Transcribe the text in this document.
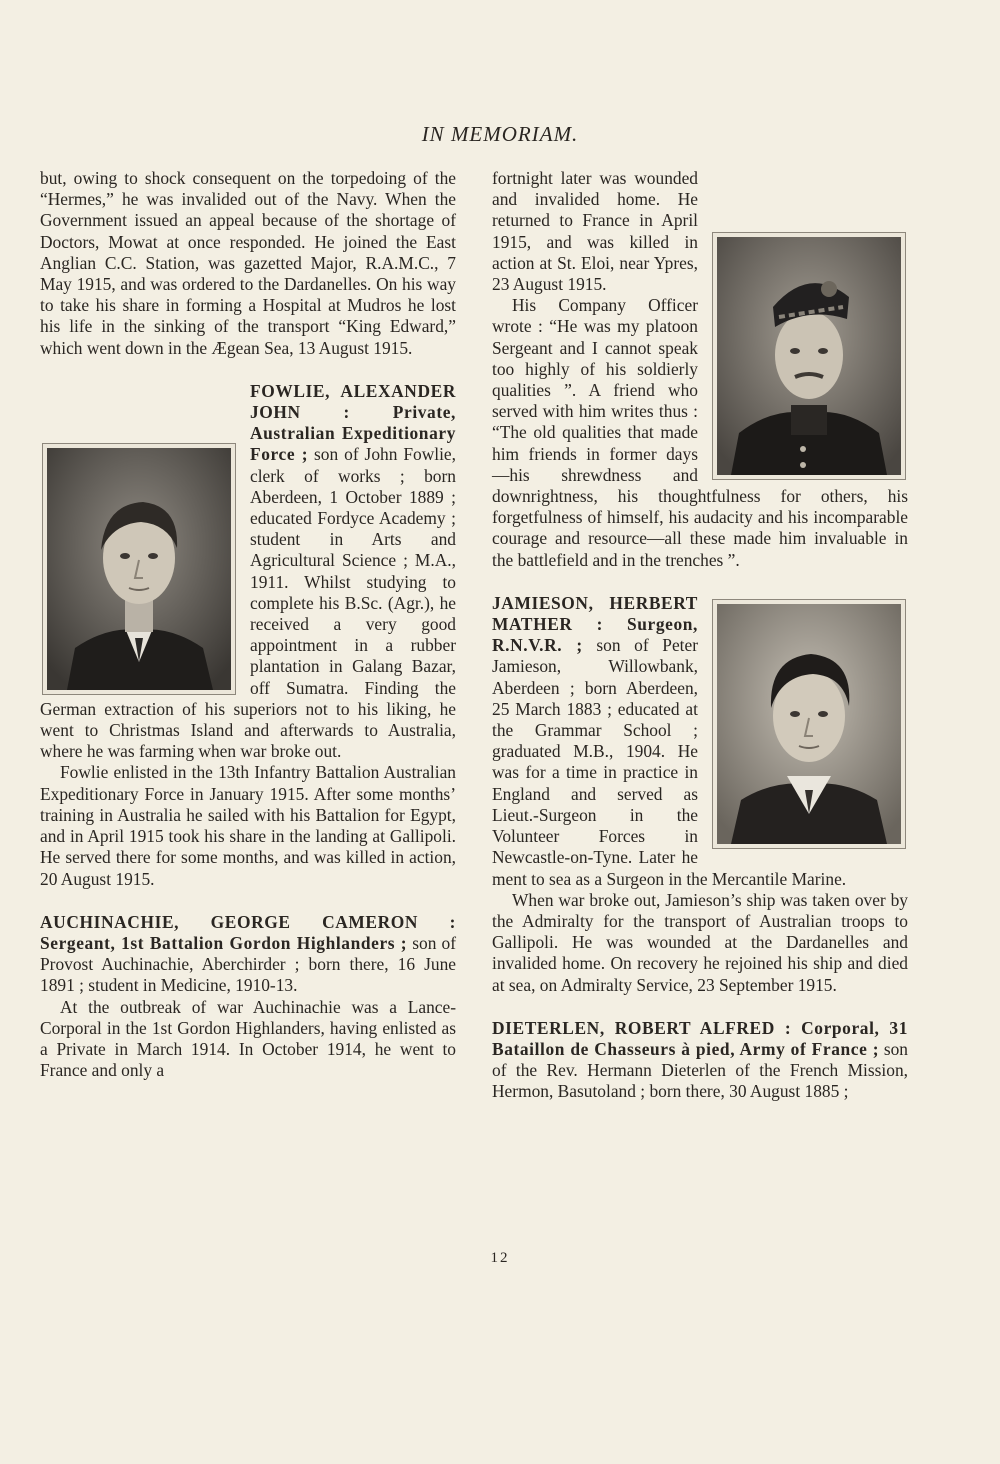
IN MEMORIAM.

but, owing to shock consequent on the torpedoing of the “Hermes,” he was invalided out of the Navy. When the Government issued an appeal because of the shortage of Doctors, Mowat at once responded. He joined the East Anglian C.C. Station, was gazetted Major, R.A.M.C., 7 May 1915, and was ordered to the Dardanelles. On his way to take his share in forming a Hospital at Mudros he lost his life in the sinking of the transport “King Edward,” which went down in the Ægean Sea, 13 August 1915.

FOWLIE, ALEXANDER JOHN : Private, Australian Expeditionary Force ; son of John Fowlie, clerk of works ; born Aberdeen, 1 October 1889 ; educated Fordyce Academy ; student in Arts and Agricultural Science ; M.A., 1911. Whilst studying to complete his B.Sc. (Agr.), he received a very good appointment in a rubber plantation in Galang Bazar, off Sumatra. Finding the German extraction of his superiors not to his liking, he went to Christmas Island and afterwards to Australia, where he was farming when war broke out.

Fowlie enlisted in the 13th Infantry Battalion Australian Expeditionary Force in January 1915. After some months’ training in Australia he sailed with his Battalion for Egypt, and in April 1915 took his share in the landing at Gallipoli. He served there for some months, and was killed in action, 20 August 1915.

AUCHINACHIE, GEORGE CAMERON : Sergeant, 1st Battalion Gordon Highlanders ; son of Provost Auchinachie, Aberchirder ; born there, 16 June 1891 ; student in Medicine, 1910-13.

At the outbreak of war Auchinachie was a Lance-Corporal in the 1st Gordon Highlanders, having enlisted as a Private in March 1914. In October 1914, he went to France and only a

fortnight later was wounded and invalided home. He returned to France in April 1915, and was killed in action at St. Eloi, near Ypres, 23 August 1915.

His Company Officer wrote : “He was my platoon Sergeant and I cannot speak too highly of his soldierly qualities ”. A friend who served with him writes thus : “The old qualities that made him friends in former days —his shrewdness and downrightness, his thoughtfulness for others, his forgetfulness of himself, his audacity and his incomparable courage and resource—all these made him invaluable in the battlefield and in the trenches ”.

JAMIESON, HERBERT MATHER : Surgeon, R.N.V.R. ; son of Peter Jamieson, Willowbank, Aberdeen ; born Aberdeen, 25 March 1883 ; educated at the Grammar School ; graduated M.B., 1904. He was for a time in practice in England and served as Lieut.-Surgeon in the Volunteer Forces in Newcastle-on-Tyne. Later he ment to sea as a Surgeon in the Mercantile Marine.

When war broke out, Jamieson’s ship was taken over by the Admiralty for the transport of Australian troops to Gallipoli. He was wounded at the Dardanelles and invalided home. On recovery he rejoined his ship and died at sea, on Admiralty Service, 23 September 1915.

DIETERLEN, ROBERT ALFRED : Corporal, 31 Bataillon de Chasseurs à pied, Army of France ; son of the Rev. Hermann Dieterlen of the French Mission, Hermon, Basutoland ; born there, 30 August 1885 ;

12
